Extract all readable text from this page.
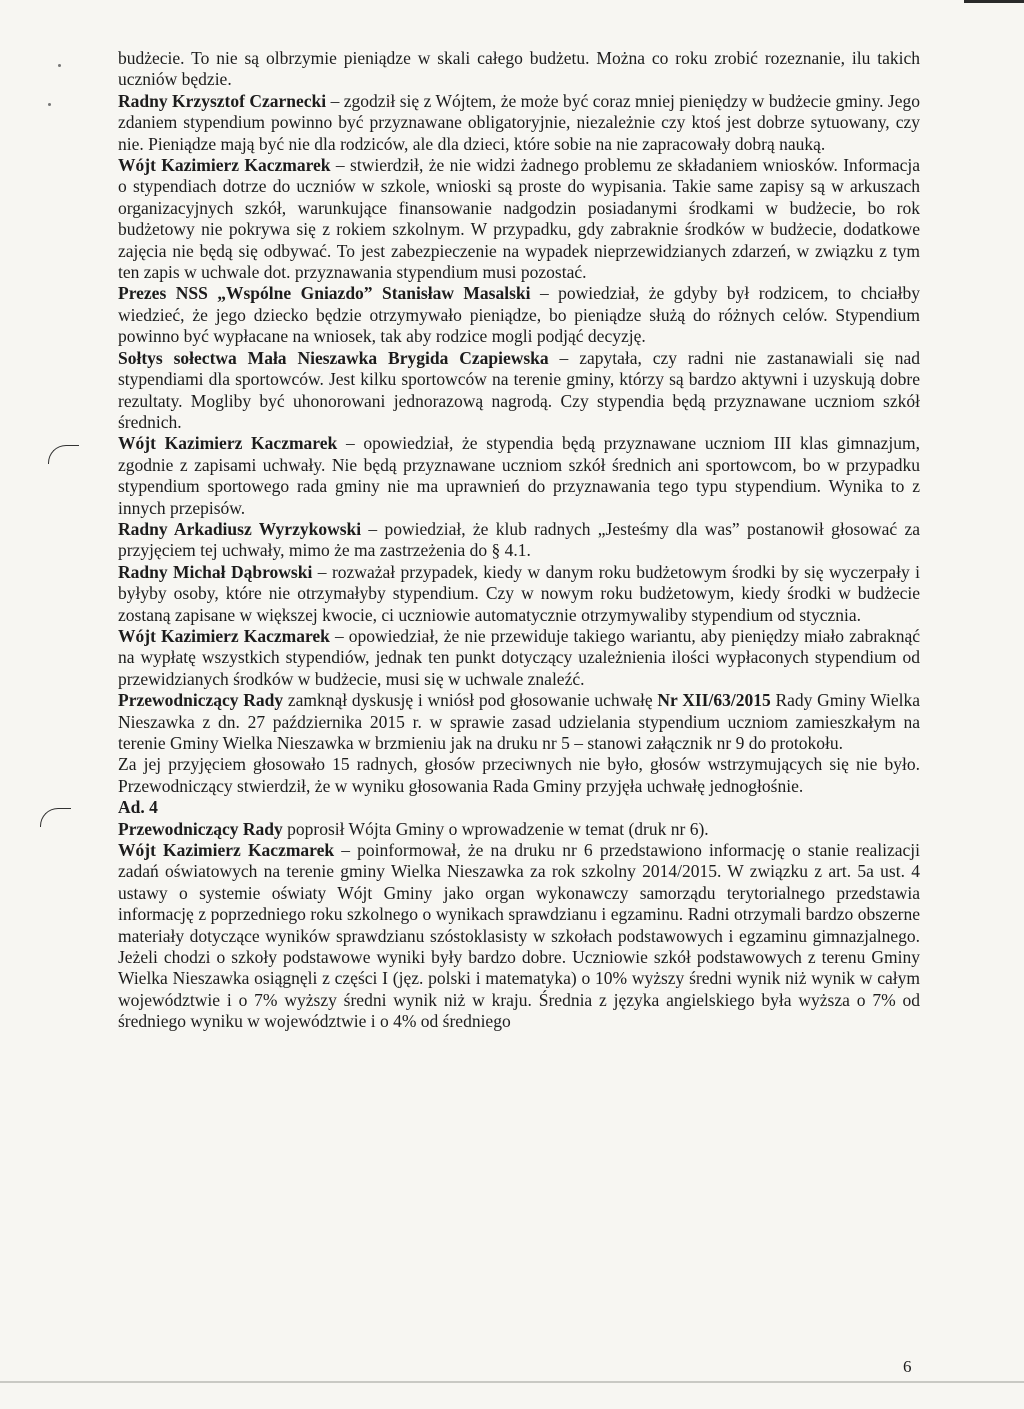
budżecie. To nie są olbrzymie pieniądze w skali całego budżetu. Można co roku zrobić rozeznanie, ilu takich uczniów będzie.

Radny Krzysztof Czarnecki – zgodził się z Wójtem, że może być coraz mniej pieniędzy w budżecie gminy. Jego zdaniem stypendium powinno być przyznawane obligatoryjnie, niezależnie czy ktoś jest dobrze sytuowany, czy nie. Pieniądze mają być nie dla rodziców, ale dla dzieci, które sobie na nie zapracowały dobrą nauką.

Wójt Kazimierz Kaczmarek – stwierdził, że nie widzi żadnego problemu ze składaniem wniosków. Informacja o stypendiach dotrze do uczniów w szkole, wnioski są proste do wypisania. Takie same zapisy są w arkuszach organizacyjnych szkół, warunkujące finansowanie nadgodzin posiadanymi środkami w budżecie, bo rok budżetowy nie pokrywa się z rokiem szkolnym. W przypadku, gdy zabraknie środków w budżecie, dodatkowe zajęcia nie będą się odbywać. To jest zabezpieczenie na wypadek nieprzewidzianych zdarzeń, w związku z tym ten zapis w uchwale dot. przyznawania stypendium musi pozostać.

Prezes NSS „Wspólne Gniazdo” Stanisław Masalski – powiedział, że gdyby był rodzicem, to chciałby wiedzieć, że jego dziecko będzie otrzymywało pieniądze, bo pieniądze służą do różnych celów. Stypendium powinno być wypłacane na wniosek, tak aby rodzice mogli podjąć decyzję.

Sołtys sołectwa Mała Nieszawka Brygida Czapiewska – zapytała, czy radni nie zastanawiali się nad stypendiami dla sportowców. Jest kilku sportowców na terenie gminy, którzy są bardzo aktywni i uzyskują dobre rezultaty. Mogliby być uhonorowani jednorazową nagrodą. Czy stypendia będą przyznawane uczniom szkół średnich.

Wójt Kazimierz Kaczmarek – opowiedział, że stypendia będą przyznawane uczniom III klas gimnazjum, zgodnie z zapisami uchwały. Nie będą przyznawane uczniom szkół średnich ani sportowcom, bo w przypadku stypendium sportowego rada gminy nie ma uprawnień do przyznawania tego typu stypendium. Wynika to z innych przepisów.

Radny Arkadiusz Wyrzykowski – powiedział, że klub radnych „Jesteśmy dla was” postanowił głosować za przyjęciem tej uchwały, mimo że ma zastrzeżenia do § 4.1.

Radny Michał Dąbrowski – rozważał przypadek, kiedy w danym roku budżetowym środki by się wyczerpały i byłyby osoby, które nie otrzymałyby stypendium. Czy w nowym roku budżetowym, kiedy środki w budżecie zostaną zapisane w większej kwocie, ci uczniowie automatycznie otrzymywaliby stypendium od stycznia.

Wójt Kazimierz Kaczmarek – opowiedział, że nie przewiduje takiego wariantu, aby pieniędzy miało zabraknąć na wypłatę wszystkich stypendiów, jednak ten punkt dotyczący uzależnienia ilości wypłaconych stypendium od przewidzianych środków w budżecie, musi się w uchwale znaleźć.

Przewodniczący Rady zamknął dyskusję i wniósł pod głosowanie uchwałę Nr XII/63/2015 Rady Gminy Wielka Nieszawka z dn. 27 października 2015 r. w sprawie zasad udzielania stypendium uczniom zamieszkałym na terenie Gminy Wielka Nieszawka w brzmieniu jak na druku nr 5 – stanowi załącznik nr 9 do protokołu.

Za jej przyjęciem głosowało 15 radnych, głosów przeciwnych nie było, głosów wstrzymujących się nie było. Przewodniczący stwierdził, że w wyniku głosowania Rada Gminy przyjęła uchwałę jednogłośnie.

Ad. 4

Przewodniczący Rady poprosił Wójta Gminy o wprowadzenie w temat (druk nr 6).

Wójt Kazimierz Kaczmarek – poinformował, że na druku nr 6 przedstawiono informację o stanie realizacji zadań oświatowych na terenie gminy Wielka Nieszawka za rok szkolny 2014/2015. W związku z art. 5a ust. 4 ustawy o systemie oświaty Wójt Gminy jako organ wykonawczy samorządu terytorialnego przedstawia informację z poprzedniego roku szkolnego o wynikach sprawdzianu i egzaminu. Radni otrzymali bardzo obszerne materiały dotyczące wyników sprawdzianu szóstoklasisty w szkołach podstawowych i egzaminu gimnazjalnego. Jeżeli chodzi o szkoły podstawowe wyniki były bardzo dobre. Uczniowie szkół podstawowych z terenu Gminy Wielka Nieszawka osiągnęli z części I (jęz. polski i matematyka) o 10% wyższy średni wynik niż wynik w całym województwie i o 7% wyższy średni wynik niż w kraju. Średnia z języka angielskiego była wyższa o 7% od średniego wyniku w województwie i o 4% od średniego

6
